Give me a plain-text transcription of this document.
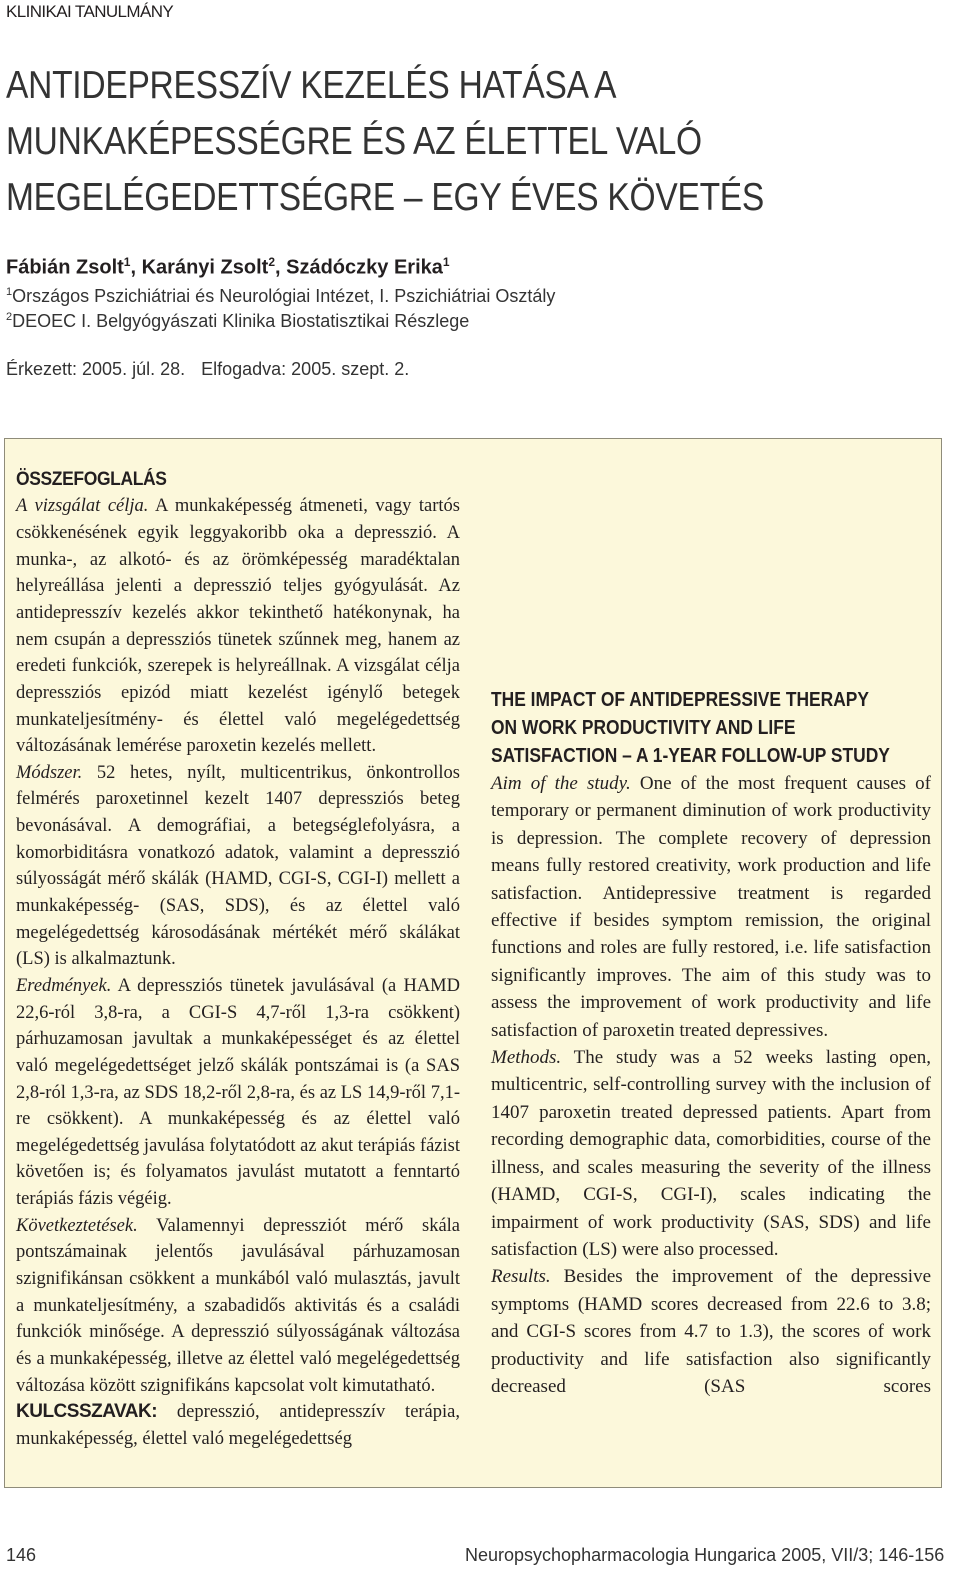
KLINIKAI TANULMÁNY
ANTIDEPRESSZÍV KEZELÉS HATÁSA A
MUNKAKÉPESSÉGRE ÉS AZ ÉLETTEL VALÓ
MEGELÉGEDETTSÉGRE – EGY ÉVES KÖVETÉS
Fábián Zsolt$^1$, Karányi Zsolt$^2$, Szádóczky Erika$^1$
$^1$Országos Pszichiátriai és Neurológiai Intézet, I. Pszichiátriai Osztály
$^2$DEOEC I. Belgyógyászati Klinika Biostatisztikai Részlege
Érkezett: 2005. júl. 28. Elfogadva: 2005. szept. 2.
ÖSSZEFOGLALÁS

A vizsgálat célja. A munkaképesség átmeneti, vagy tartós csökkenésének egyik leggyakoribb oka a depresszió. A munka-, az alkotó- és az örömképesség maradéktalan helyreállása jelenti a depresszió teljes gyógyulását. Az antidepresszív kezelés akkor tekinthető hatékonynak, ha nem csupán a depressziós tünetek szűnnek meg, hanem az eredeti funkciók, szerepek is helyreállnak. A vizsgálat célja depressziós epizód miatt kezelést igénylő betegek munkateljesítmény- és élettel való megelégedettség változásának lemérése paroxetin kezelés mellett.

Módszer. 52 hetes, nyílt, multicentrikus, önkontrollos felmérés paroxetinnel kezelt 1407 depressziós beteg bevonásával. A demográfiai, a betegséglefolyásra, a komorbiditásra vonatkozó adatok, valamint a depresszió súlyosságát mérő skálák (HAMD, CGI-S, CGI-I) mellett a munkaképesség- (SAS, SDS), és az élettel való megelégedettség károsodásának mértékét mérő skálákat (LS) is alkalmaztunk.

Eredmények. A depressziós tünetek javulásával (a HAMD 22,6-ról 3,8-ra, a CGI-S 4,7-ről 1,3-ra csökkent) párhuzamosan javultak a munkaképességet és az élettel való megelégedettséget jelző skálák pontszámai is (a SAS 2,8-ról 1,3-ra, az SDS 18,2-ről 2,8-ra, és az LS 14,9-ről 7,1-re csökkent). A munkaképesség és az élettel való megelégedettség javulása folytatódott az akut terápiás fázist követően is; és folyamatos javulást mutatott a fenntartó terápiás fázis végéig.

Következtetések. Valamennyi depressziót mérő skála pontszámainak jelentős javulásával párhuzamosan szignifikánsan csökkent a munkából való mulasztás, javult a munkateljesítmény, a szabadidős aktivitás és a családi funkciók minősége. A depresszió súlyosságának változása és a munkaképesség, illetve az élettel való megelégedettség változása között szignifikáns kapcsolat volt kimutatható.

KULCSSZAVAK: depresszió, antidepresszív terápia, munkaképesség, élettel való megelégedettség

THE IMPACT OF ANTIDEPRESSIVE THERAPY
ON WORK PRODUCTIVITY AND LIFE
SATISFACTION – A 1-YEAR FOLLOW-UP STUDY

Aim of the study. One of the most frequent causes of temporary or permanent diminution of work productivity is depression. The complete recovery of depression means fully restored creativity, work production and life satisfaction. Antidepressive treatment is regarded effective if besides symptom remission, the original functions and roles are fully restored, i.e. life satisfaction significantly improves. The aim of this study was to assess the improvement of work productivity and life satisfaction of paroxetin treated depressives.

Methods. The study was a 52 weeks lasting open, multicentric, self-controlling survey with the inclusion of 1407 paroxetin treated depressed patients. Apart from recording demographic data, comorbidities, course of the illness, and scales measuring the severity of the illness (HAMD, CGI-S, CGI-I), scales indicating the impairment of work productivity (SAS, SDS) and life satisfaction (LS) were also processed.

Results. Besides the improvement of the depressive symptoms (HAMD scores decreased from 22.6 to 3.8; and CGI-S scores from 4.7 to 1.3), the scores of work productivity and life satisfaction also significantly decreased (SAS scores

146	Neuropsychopharmacologia Hungarica 2005, VII/3; 146-156
